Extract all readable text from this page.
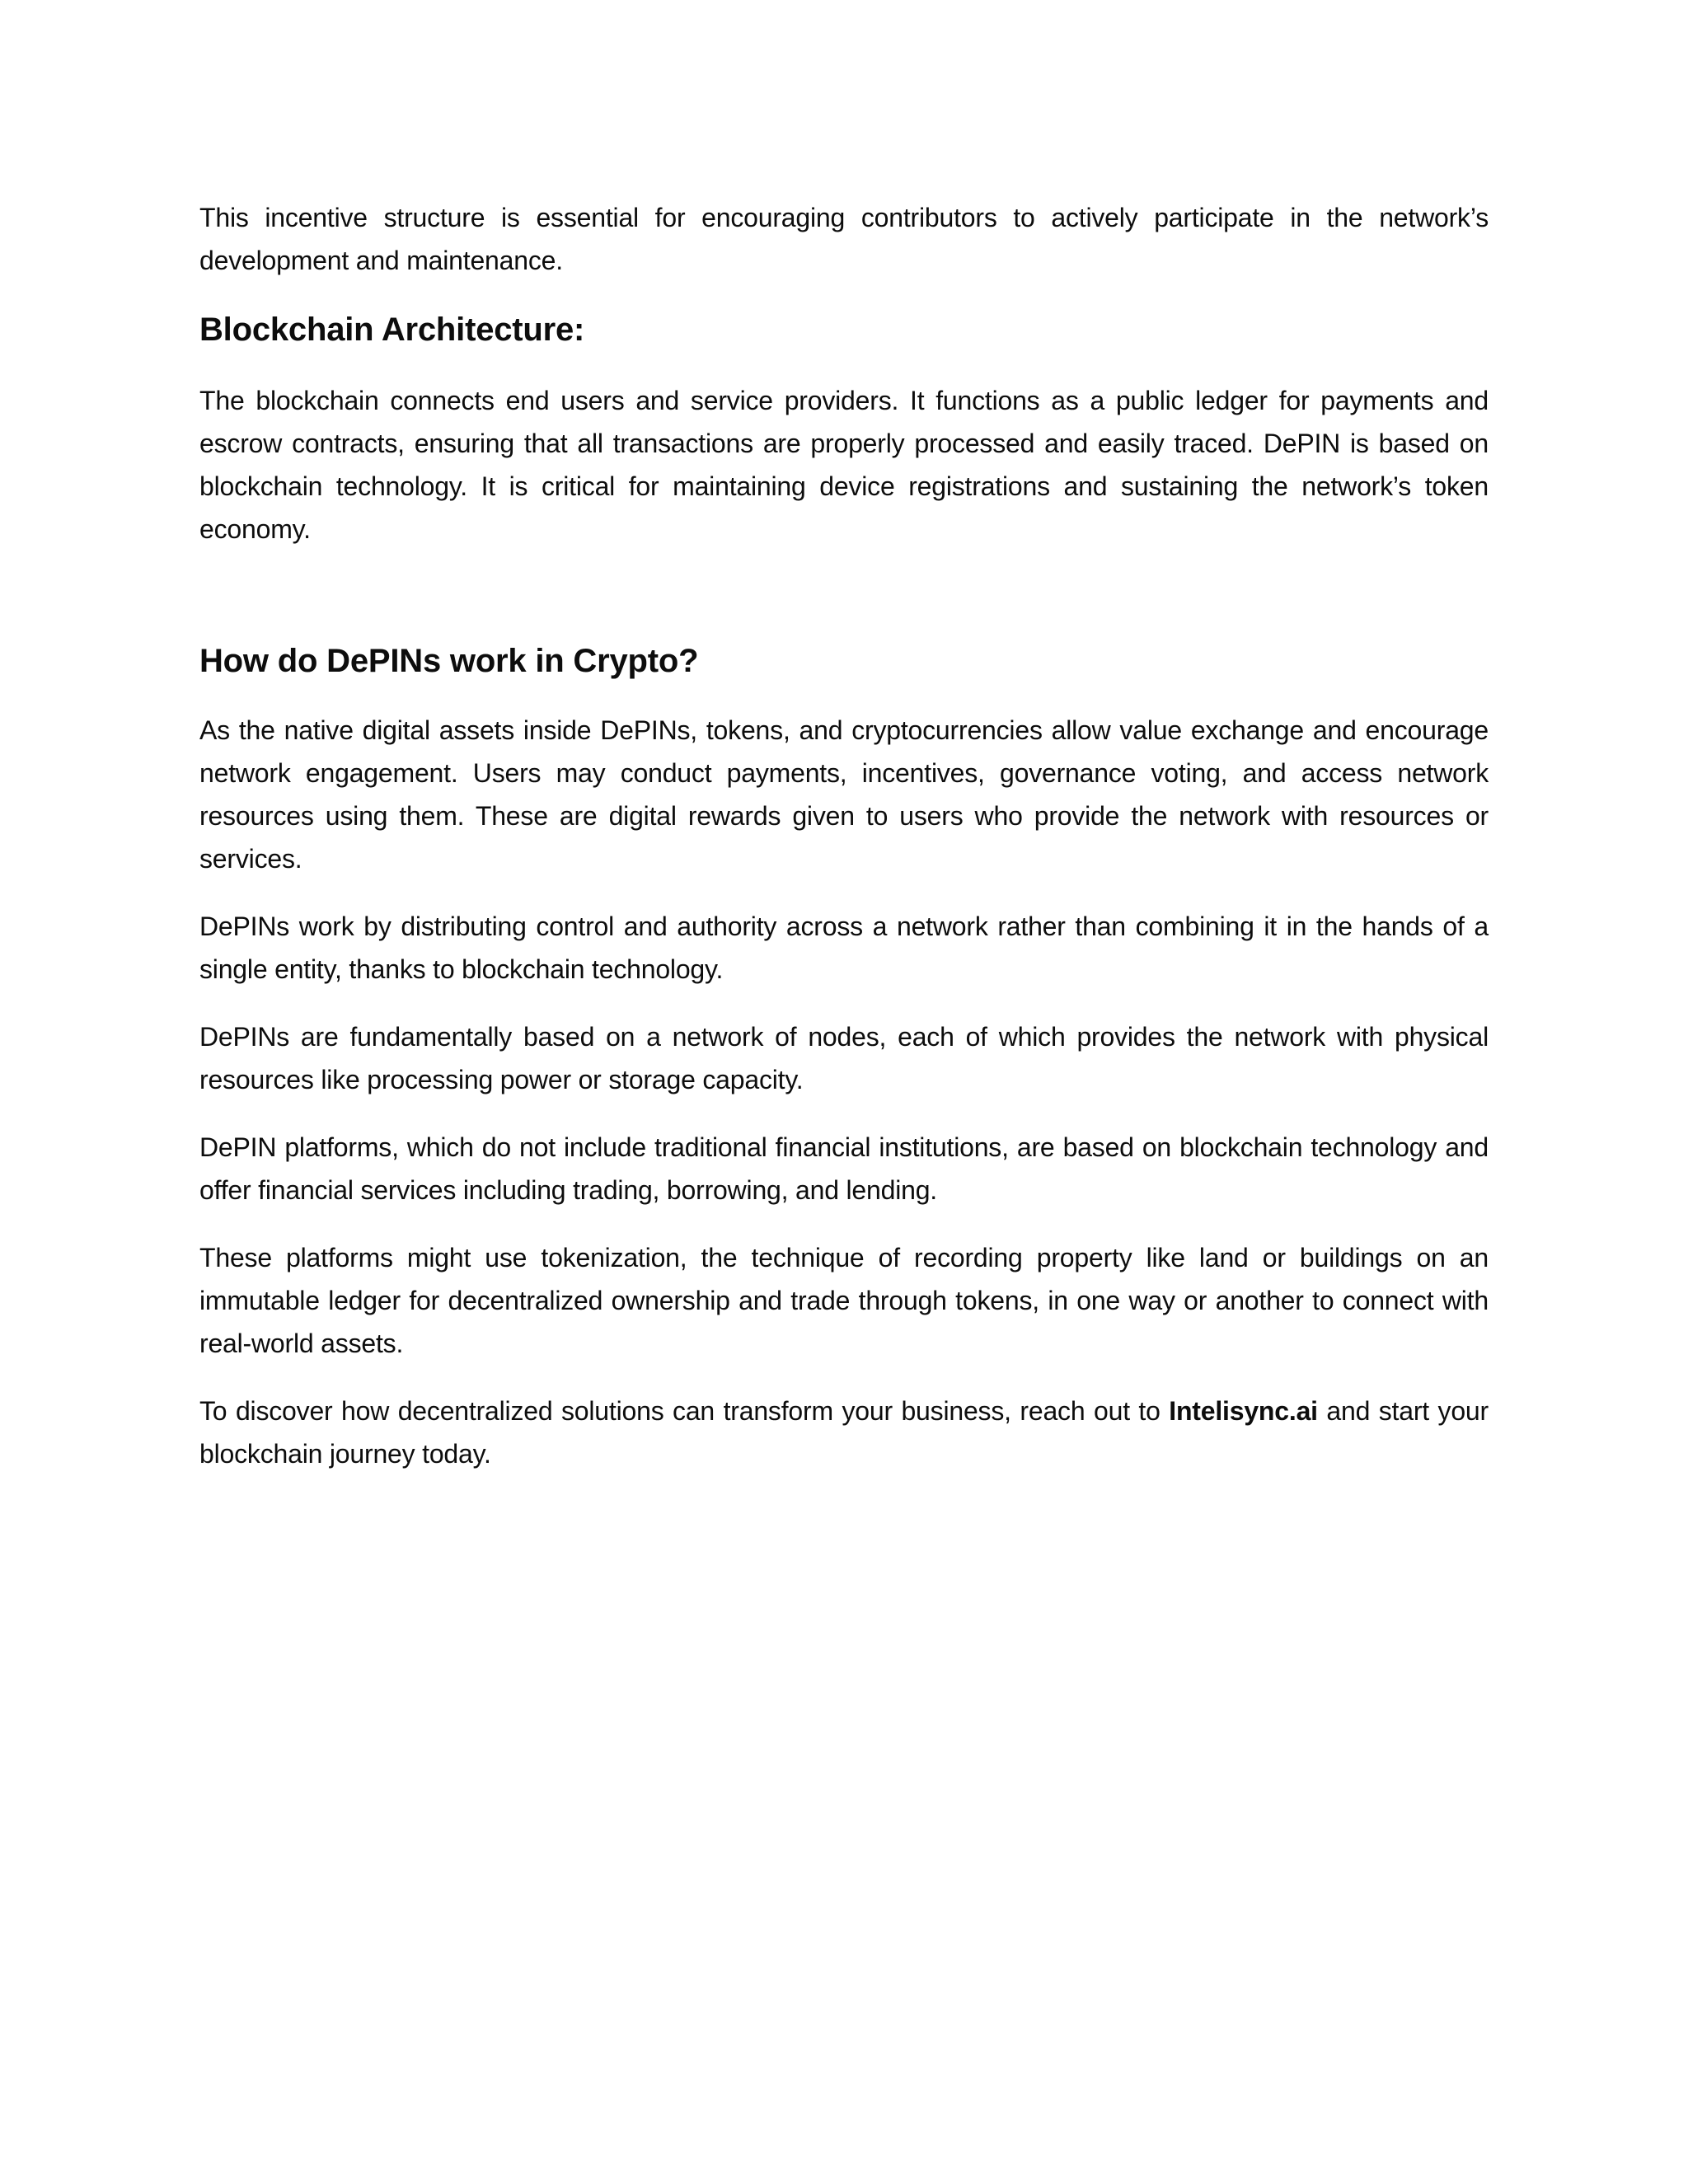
This incentive structure is essential for encouraging contributors to actively participate in the network’s development and maintenance.

Blockchain Architecture:

The blockchain connects end users and service providers. It functions as a public ledger for payments and escrow contracts, ensuring that all transactions are properly processed and easily traced. DePIN is based on blockchain technology. It is critical for maintaining device registrations and sustaining the network’s token economy.

How do DePINs work in Crypto?

As the native digital assets inside DePINs, tokens, and cryptocurrencies allow value exchange and encourage network engagement. Users may conduct payments, incentives, governance voting, and access network resources using them. These are digital rewards given to users who provide the network with resources or services.

DePINs work by distributing control and authority across a network rather than combining it in the hands of a single entity, thanks to blockchain technology.

DePINs are fundamentally based on a network of nodes, each of which provides the network with physical resources like processing power or storage capacity.

DePIN platforms, which do not include traditional financial institutions, are based on blockchain technology and offer financial services including trading, borrowing, and lending.

These platforms might use tokenization, the technique of recording property like land or buildings on an immutable ledger for decentralized ownership and trade through tokens, in one way or another to connect with real-world assets.

To discover how decentralized solutions can transform your business, reach out to Intelisync.ai and start your blockchain journey today.
